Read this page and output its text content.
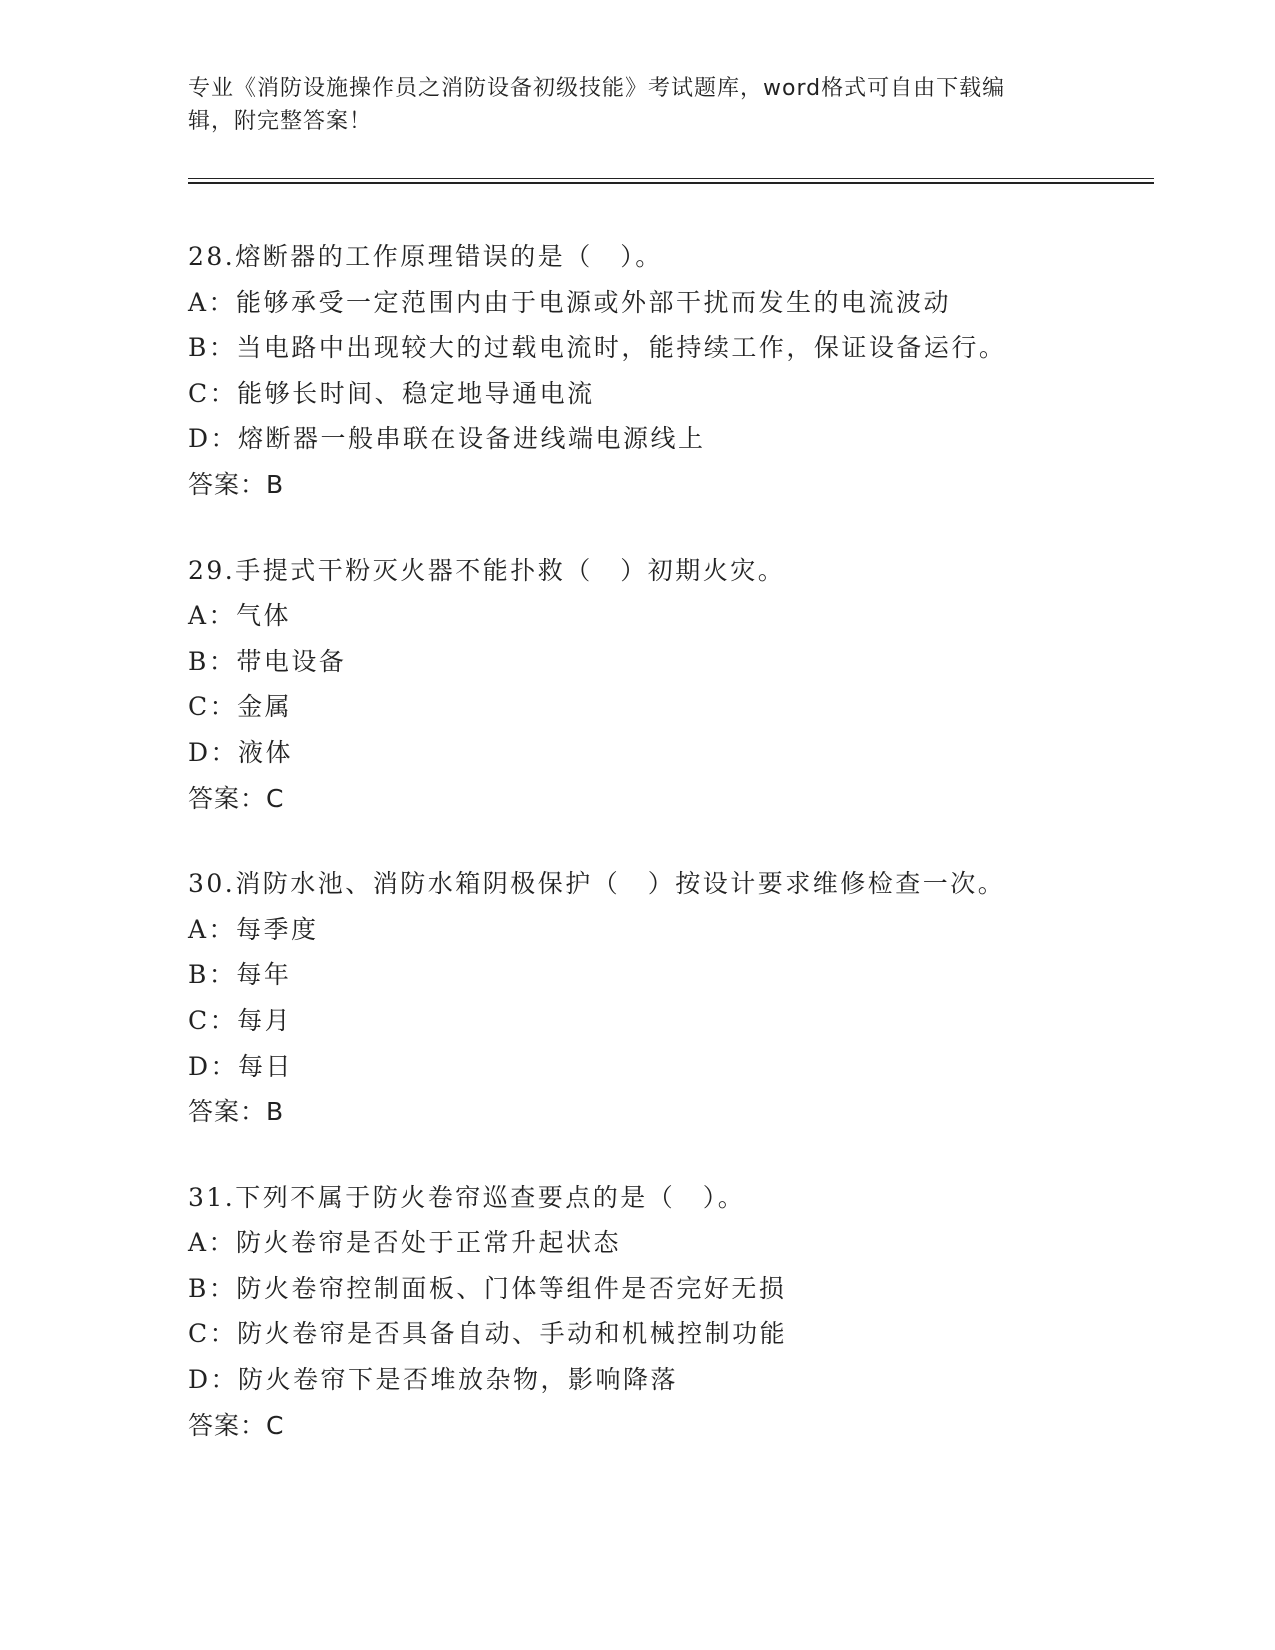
专业《消防设施操作员之消防设备初级技能》考试题库，word格式可自由下载编
辑，附完整答案！
28.熔断器的工作原理错误的是（　）。
A：能够承受一定范围内由于电源或外部干扰而发生的电流波动
B：当电路中出现较大的过载电流时，能持续工作，保证设备运行。
C：能够长时间、稳定地导通电流
D：熔断器一般串联在设备进线端电源线上
答案：B
29.手提式干粉灭火器不能扑救（　）初期火灾。
A：气体
B：带电设备
C：金属
D：液体
答案：C
30.消防水池、消防水箱阴极保护（　）按设计要求维修检查一次。
A：每季度
B：每年
C：每月
D：每日
答案：B
31.下列不属于防火卷帘巡查要点的是（　）。
A：防火卷帘是否处于正常升起状态
B：防火卷帘控制面板、门体等组件是否完好无损
C：防火卷帘是否具备自动、手动和机械控制功能
D：防火卷帘下是否堆放杂物，影响降落
答案：C
